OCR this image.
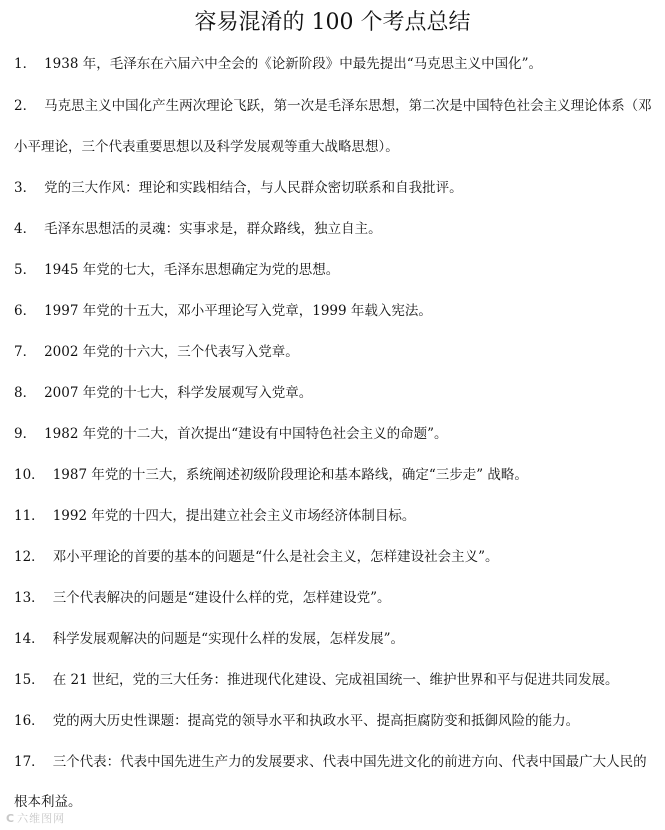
容易混淆的 100 个考点总结
1． 1938 年，毛泽东在六届六中全会的《论新阶段》中最先提出“马克思主义中国化”。
2． 马克思主义中国化产生两次理论飞跃，第一次是毛泽东思想，第二次是中国特色社会主义理论体系（邓
小平理论，三个代表重要思想以及科学发展观等重大战略思想）。
3． 党的三大作风：理论和实践相结合，与人民群众密切联系和自我批评。
4． 毛泽东思想活的灵魂：实事求是，群众路线，独立自主。
5． 1945 年党的七大，毛泽东思想确定为党的思想。
6． 1997 年党的十五大，邓小平理论写入党章，1999 年载入宪法。
7． 2002 年党的十六大，三个代表写入党章。
8． 2007 年党的十七大，科学发展观写入党章。
9． 1982 年党的十二大，首次提出“建设有中国特色社会主义的命题”。
10． 1987 年党的十三大，系统阐述初级阶段理论和基本路线，确定“三步走” 战略。
11． 1992 年党的十四大，提出建立社会主义市场经济体制目标。
12． 邓小平理论的首要的基本的问题是“什么是社会主义，怎样建设社会主义”。
13． 三个代表解决的问题是“建设什么样的党，怎样建设党”。
14． 科学发展观解决的问题是“实现什么样的发展，怎样发展”。
15． 在 21 世纪，党的三大任务：推进现代化建设、完成祖国统一、维护世界和平与促进共同发展。
16． 党的两大历史性课题：提高党的领导水平和执政水平、提高拒腐防变和抵御风险的能力。
17． 三个代表：代表中国先进生产力的发展要求、代表中国先进文化的前进方向、代表中国最广大人民的
根本利益。
C 六维图网
